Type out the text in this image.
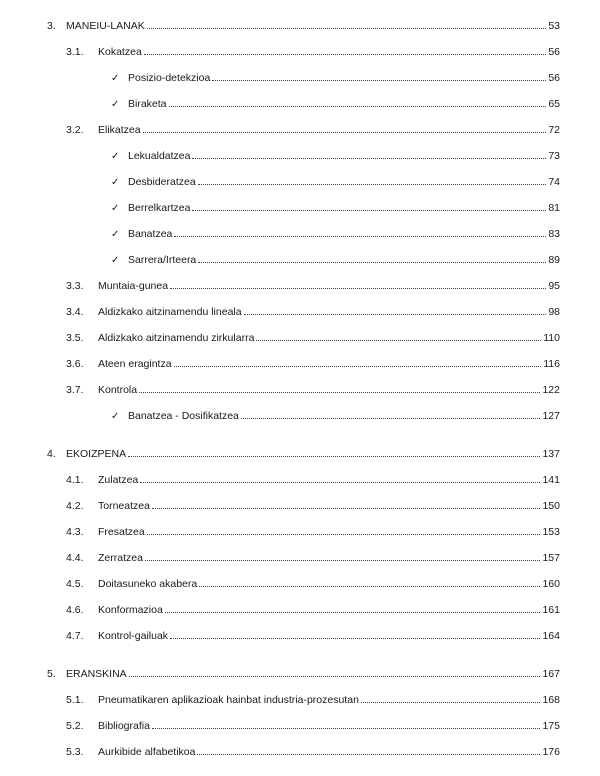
3. MANEIU-LANAK	53
3.1.	Kokatzea	56
✓ Posizio-detekzioa	56
✓ Biraketa	65
3.2.	Elikatzea	72
✓ Lekualdatzea	73
✓ Desbideratzea	74
✓ Berrelkartzea	81
✓ Banatzea	83
✓ Sarrera/Irteera	89
3.3.	Muntaia-gunea	95
3.4.	Aldizkako aitzinamendu lineala	98
3.5.	Aldizkako aitzinamendu zirkularra	110
3.6.	Ateen eragintza	116
3.7.	Kontrola	122
✓ Banatzea - Dosifikatzea	127
4. EKOIZPENA	137
4.1.	Zulatzea	141
4.2.	Torneatzea	150
4.3.	Fresatzea	153
4.4.	Zerratzea	157
4.5.	Doitasuneko akabera	160
4.6.	Konformazioa	161
4.7.	Kontrol-gailuak	164
5. ERANSKINA	167
5.1.	Pneumatikaren aplikazioak hainbat industria-prozesutan	168
5.2.	Bibliografia	175
5.3.	Aurkibide alfabetikoa	176
